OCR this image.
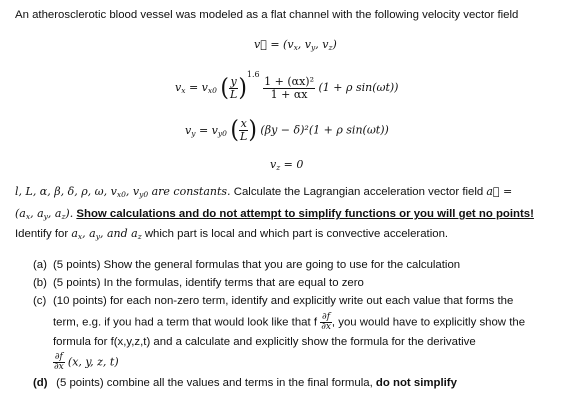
An atherosclerotic blood vessel was modeled as a flat channel with the following velocity vector field
v⃗ = ($v_x$, $v_y$, $v_z$)
$v_x = v_{x0}$ ( $\frac{y}{L} )^{1.6}$
$\frac{\text{1 + (αx)²}}{1 + \alpha x} (1 + \rho$ sin(ωt))
$v_y = v_{y0}$ ( $\frac{x}{L}$ ) (βy − δ)²(1 + ρ sin(ωt))
$v_z = 0$
l, L, α, β, δ, ρ, ω, $v_{x0}$, $v_{y0}$ are constants. Calculate the Lagrangian acceleration vector field a⃗ =
($a_x$, $a_y$, $a_z$). Show calculations and do not attempt to simplify functions or you will get no points!
Identify for $a_x$, $a_y$, and $a_z$ which part is local and which part is convective acceleration.
(a) (5 points) Show the general formulas that you are going to use for the calculation
(b) (5 points) In the formulas, identify terms that are equal to zero
(c) (10 points) for each non-zero term, identify and explicitly write out each value that forms the
term, e.g. if you had a term that would look like that f $\frac{\partial f}{\partial x}$ , you would have to explicitly show the
formula for f(x,y,z,t) and a calculate and explicitly show the formula for the derivative
$\frac{\partial f}{\partial x} (x$, y, z, t)
(d) (5 points) combine all the values and terms in the final formula, do not simplify
